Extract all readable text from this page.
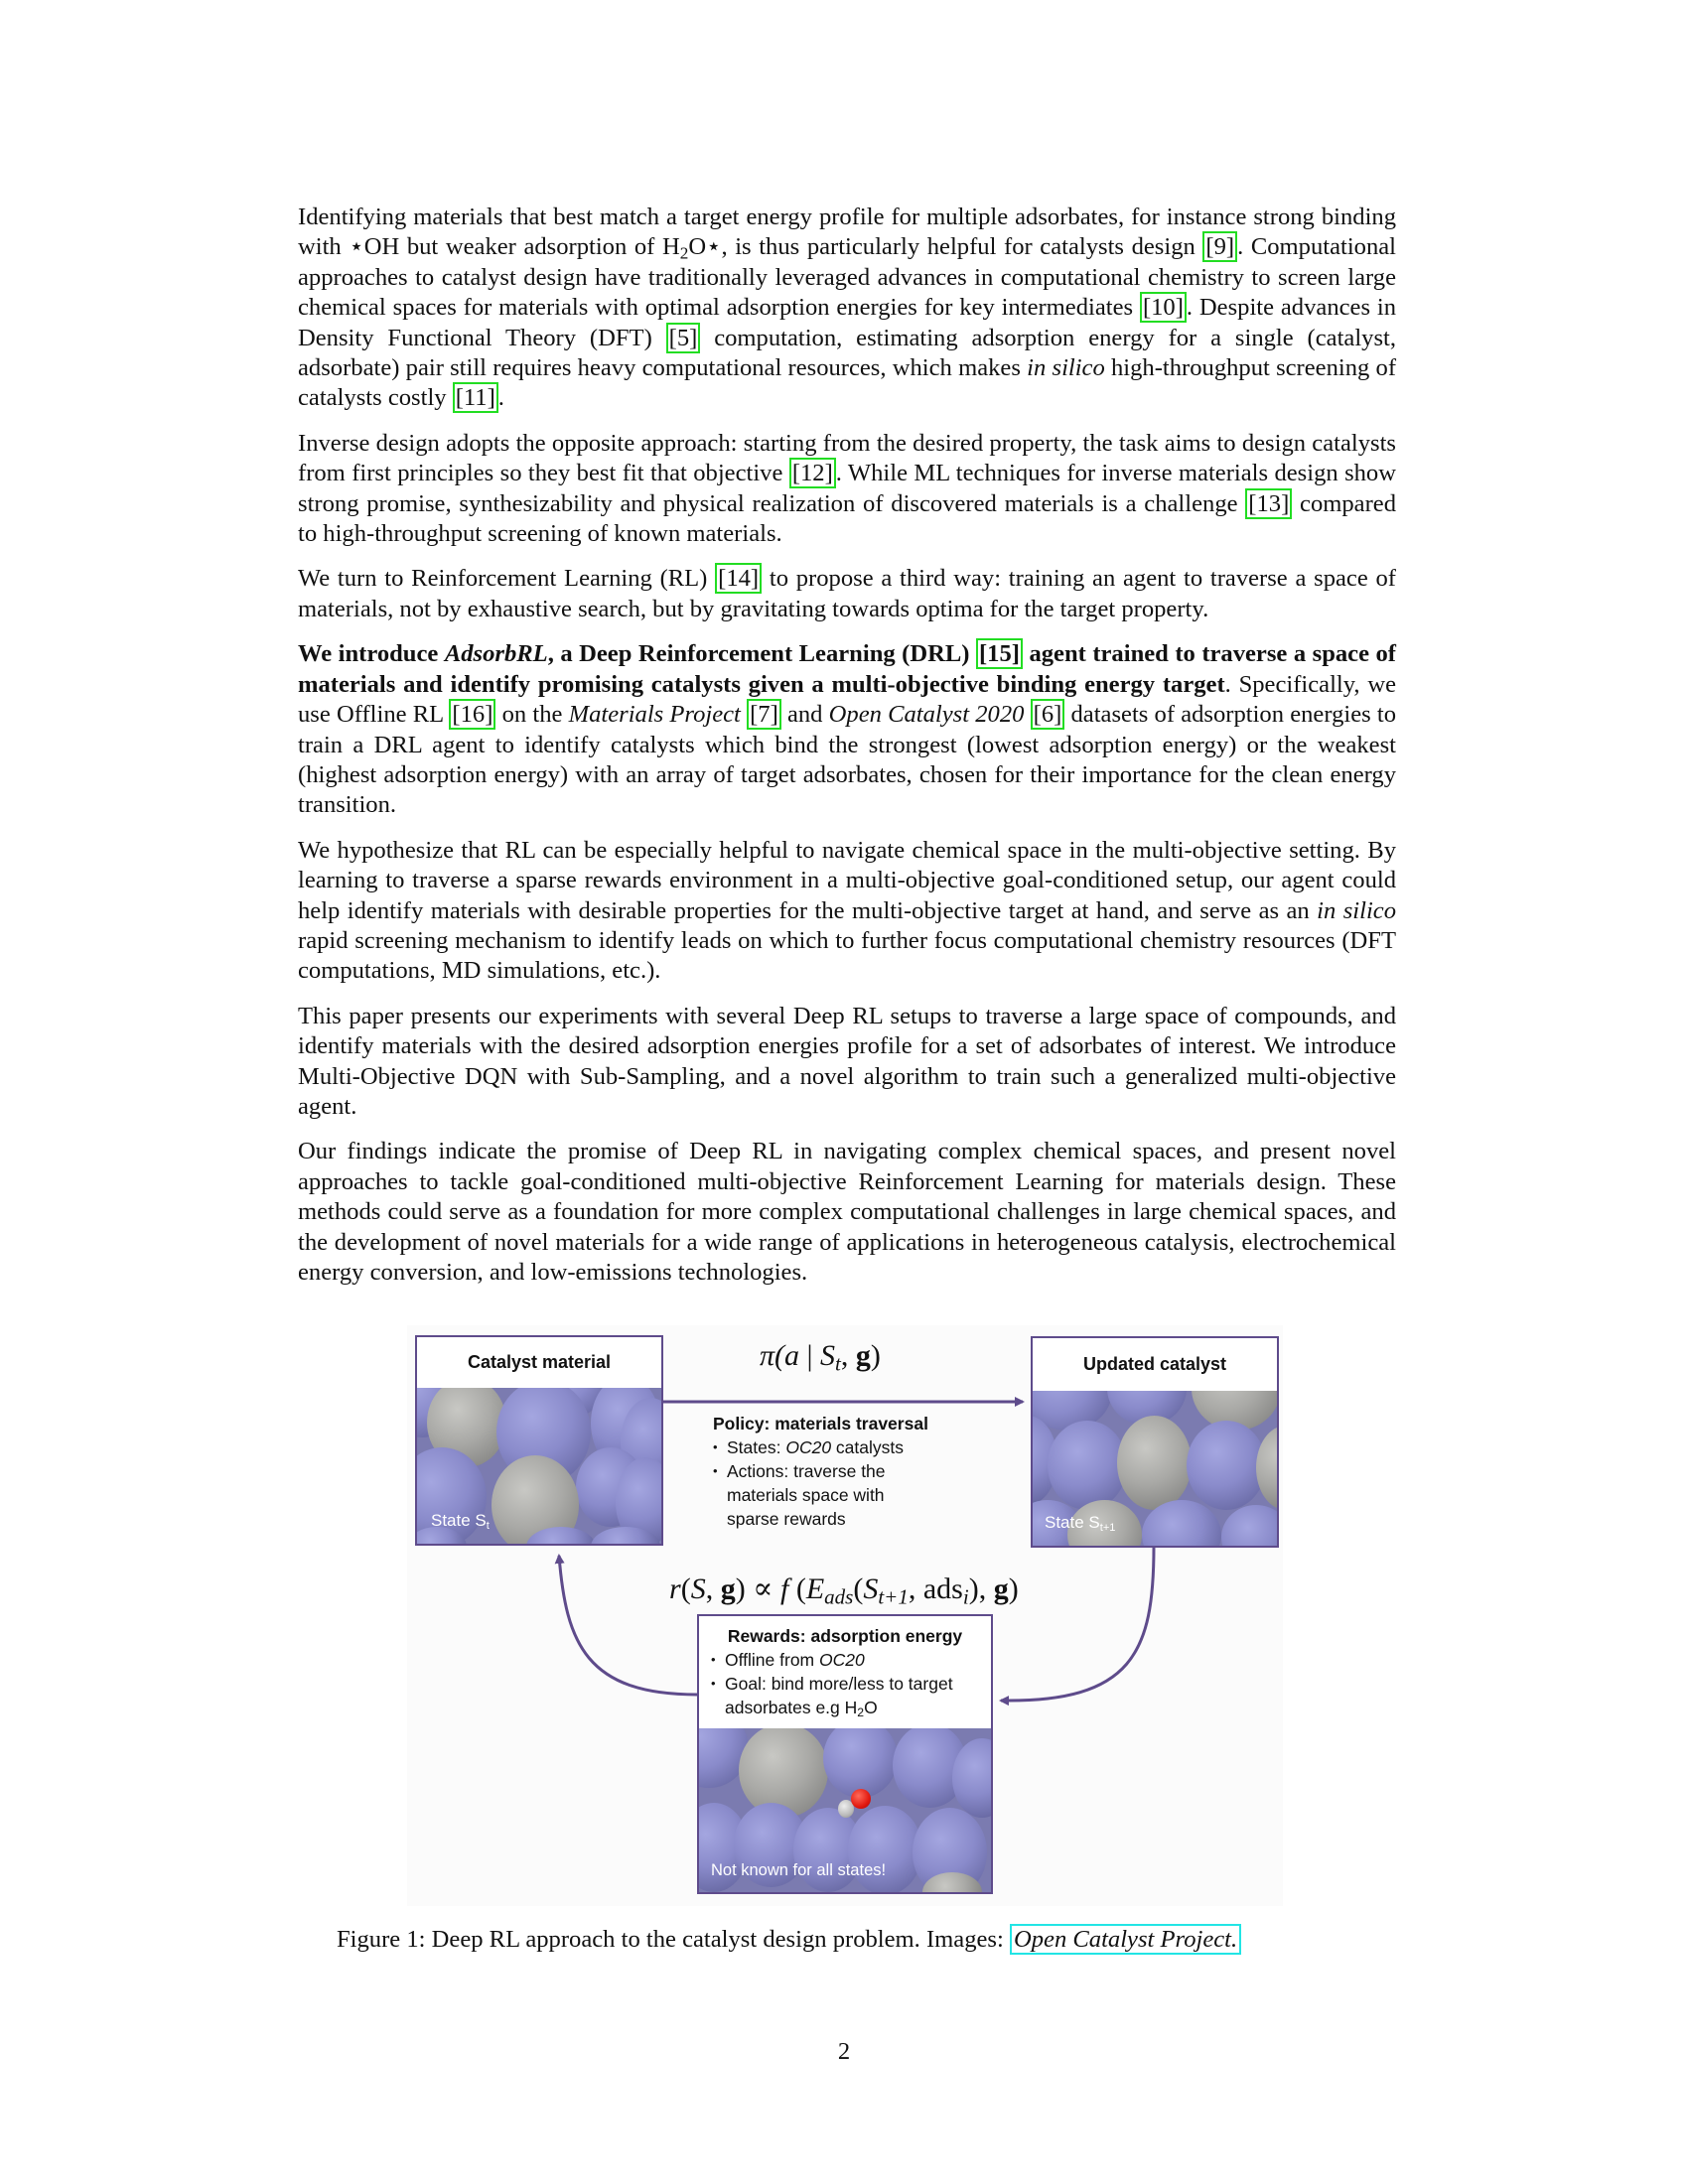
Identifying materials that best match a target energy profile for multiple adsorbates, for instance strong binding with ⋆OH but weaker adsorption of $H_2O⋆$, is thus particularly helpful for catalysts design [9] . Computational approaches to catalyst design have traditionally leveraged advances in computational chemistry to screen large chemical spaces for materials with optimal adsorption energies for key intermediates [10] . Despite advances in Density Functional Theory (DFT) [5] computation, estimating adsorption energy for a single (catalyst, adsorbate) pair still requires heavy computational resources, which makes in silico high-throughput screening of catalysts costly [11] .

Inverse design adopts the opposite approach: starting from the desired property, the task aims to design catalysts from first principles so they best fit that objective [12] . While ML techniques for inverse materials design show strong promise, synthesizability and physical realization of discovered materials is a challenge [13] compared to high-throughput screening of known materials.

We turn to Reinforcement Learning (RL) [14] to propose a third way: training an agent to traverse a space of materials, not by exhaustive search, but by gravitating towards optima for the target property.

We introduce AdsorbRL, a Deep Reinforcement Learning (DRL) [15] agent trained to traverse a space of materials and identify promising catalysts given a multi-objective binding energy target. Specifically, we use Offline RL [16] on the Materials Project [7] and Open Catalyst 2020 [6] datasets of adsorption energies to train a DRL agent to identify catalysts which bind the strongest (lowest adsorption energy) or the weakest (highest adsorption energy) with an array of target adsorbates, chosen for their importance for the clean energy transition.

We hypothesize that RL can be especially helpful to navigate chemical space in the multi-objective setting. By learning to traverse a sparse rewards environment in a multi-objective goal-conditioned setup, our agent could help identify materials with desirable properties for the multi-objective target at hand, and serve as an in silico rapid screening mechanism to identify leads on which to further focus computational chemistry resources (DFT computations, MD simulations, etc.).

This paper presents our experiments with several Deep RL setups to traverse a large space of compounds, and identify materials with the desired adsorption energies profile for a set of adsorbates of interest. We introduce Multi-Objective DQN with Sub-Sampling, and a novel algorithm to train such a generalized multi-objective agent.

Our findings indicate the promise of Deep RL in navigating complex chemical spaces, and present novel approaches to tackle goal-conditioned multi-objective Reinforcement Learning for materials design. These methods could serve as a foundation for more complex computational challenges in large chemical spaces, and the development of novel materials for a wide range of applications in heterogeneous catalysis, electrochemical energy conversion, and low-emissions technologies.

Catalyst material
State $S_t$
π(a | $S_t$, g)
Policy: materials traversal
• States: OC20 catalysts
• Actions: traverse the materials space with sparse rewards
Updated catalyst
State $S_{t+1}$
r(S, g) ∝ f ($E_{ads}(S_{t+1}$, ads$_i$), g)
Rewards: adsorption energy
• Offline from OC20
• Goal: bind more/less to target adsorbates e.g $H_2O$
Not known for all states!
Figure 1: Deep RL approach to the catalyst design problem. Images: Open Catalyst Project.
2
